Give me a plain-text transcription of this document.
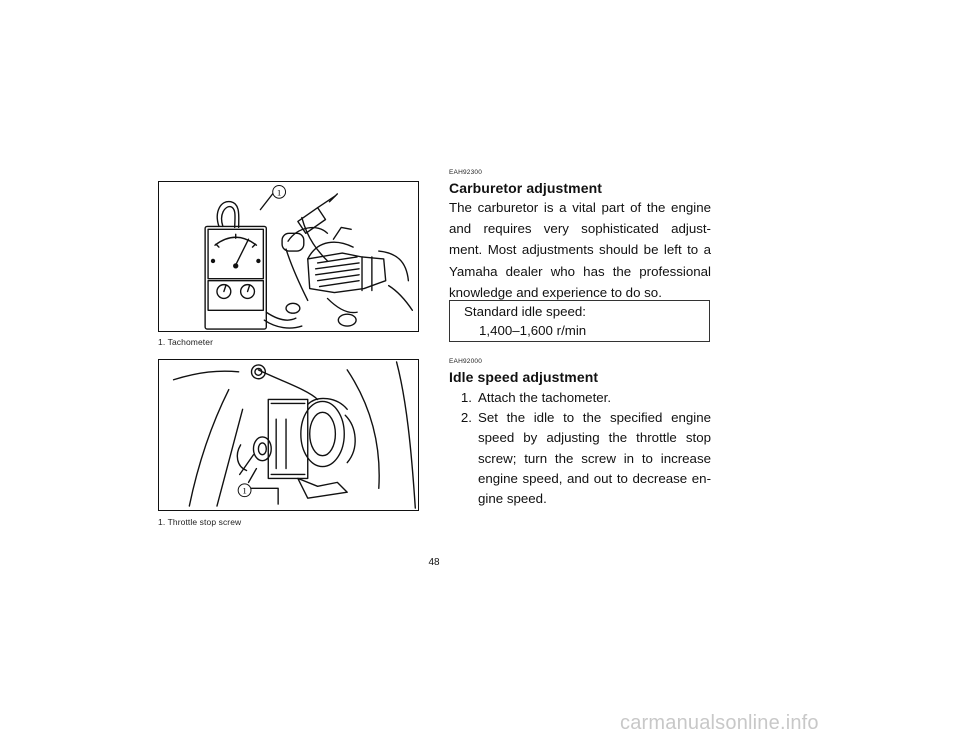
1
1. Tachometer
1
1. Throttle stop screw
EAH92300
Carburetor adjustment
The carburetor is a vital part of the engine
and requires very sophisticated adjust-
ment. Most adjustments should be left to a
Yamaha dealer who has the professional
knowledge and experience to do so.
Standard idle speed:
1,400–1,600 r/min
EAH92000
Idle speed adjustment
1. Attach the tachometer.
2. Set the idle to the specified engine
speed by adjusting the throttle stop
screw; turn the screw in to increase
engine speed, and out to decrease en-
gine speed.
48
carmanualsonline.info
